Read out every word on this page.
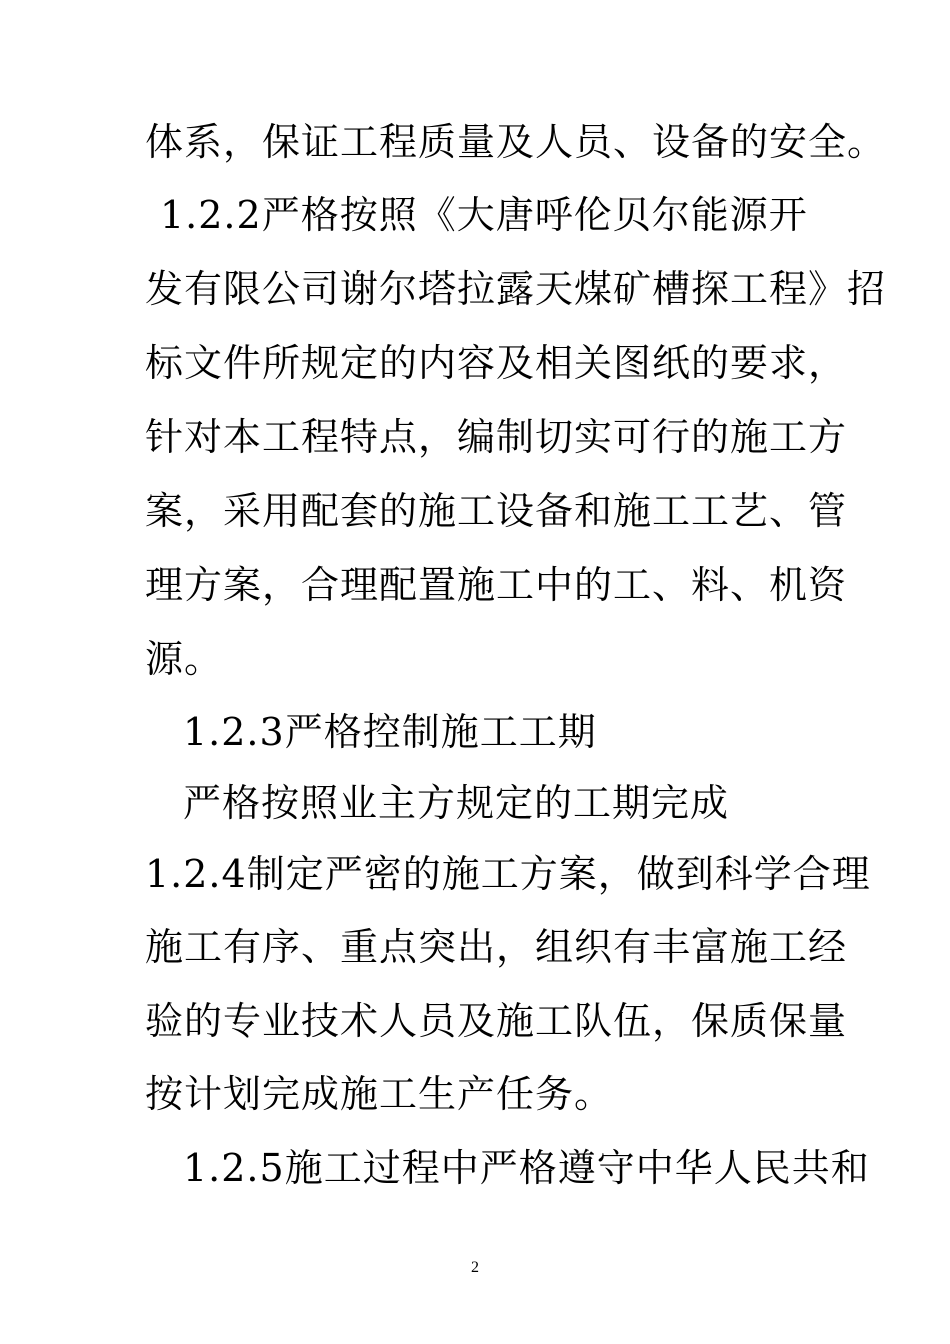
体系，保证工程质量及人员、设备的安全。
1.2.2严格按照《大唐呼伦贝尔能源开
发有限公司谢尔塔拉露天煤矿槽探工程》招
标文件所规定的内容及相关图纸的要求，
针对本工程特点，编制切实可行的施工方
案，采用配套的施工设备和施工工艺、管
理方案，合理配置施工中的工、料、机资
源。
1.2.3严格控制施工工期
严格按照业主方规定的工期完成
1.2.4制定严密的施工方案，做到科学合理
施工有序、重点突出，组织有丰富施工经
验的专业技术人员及施工队伍，保质保量
按计划完成施工生产任务。
1.2.5施工过程中严格遵守中华人民共和
2
